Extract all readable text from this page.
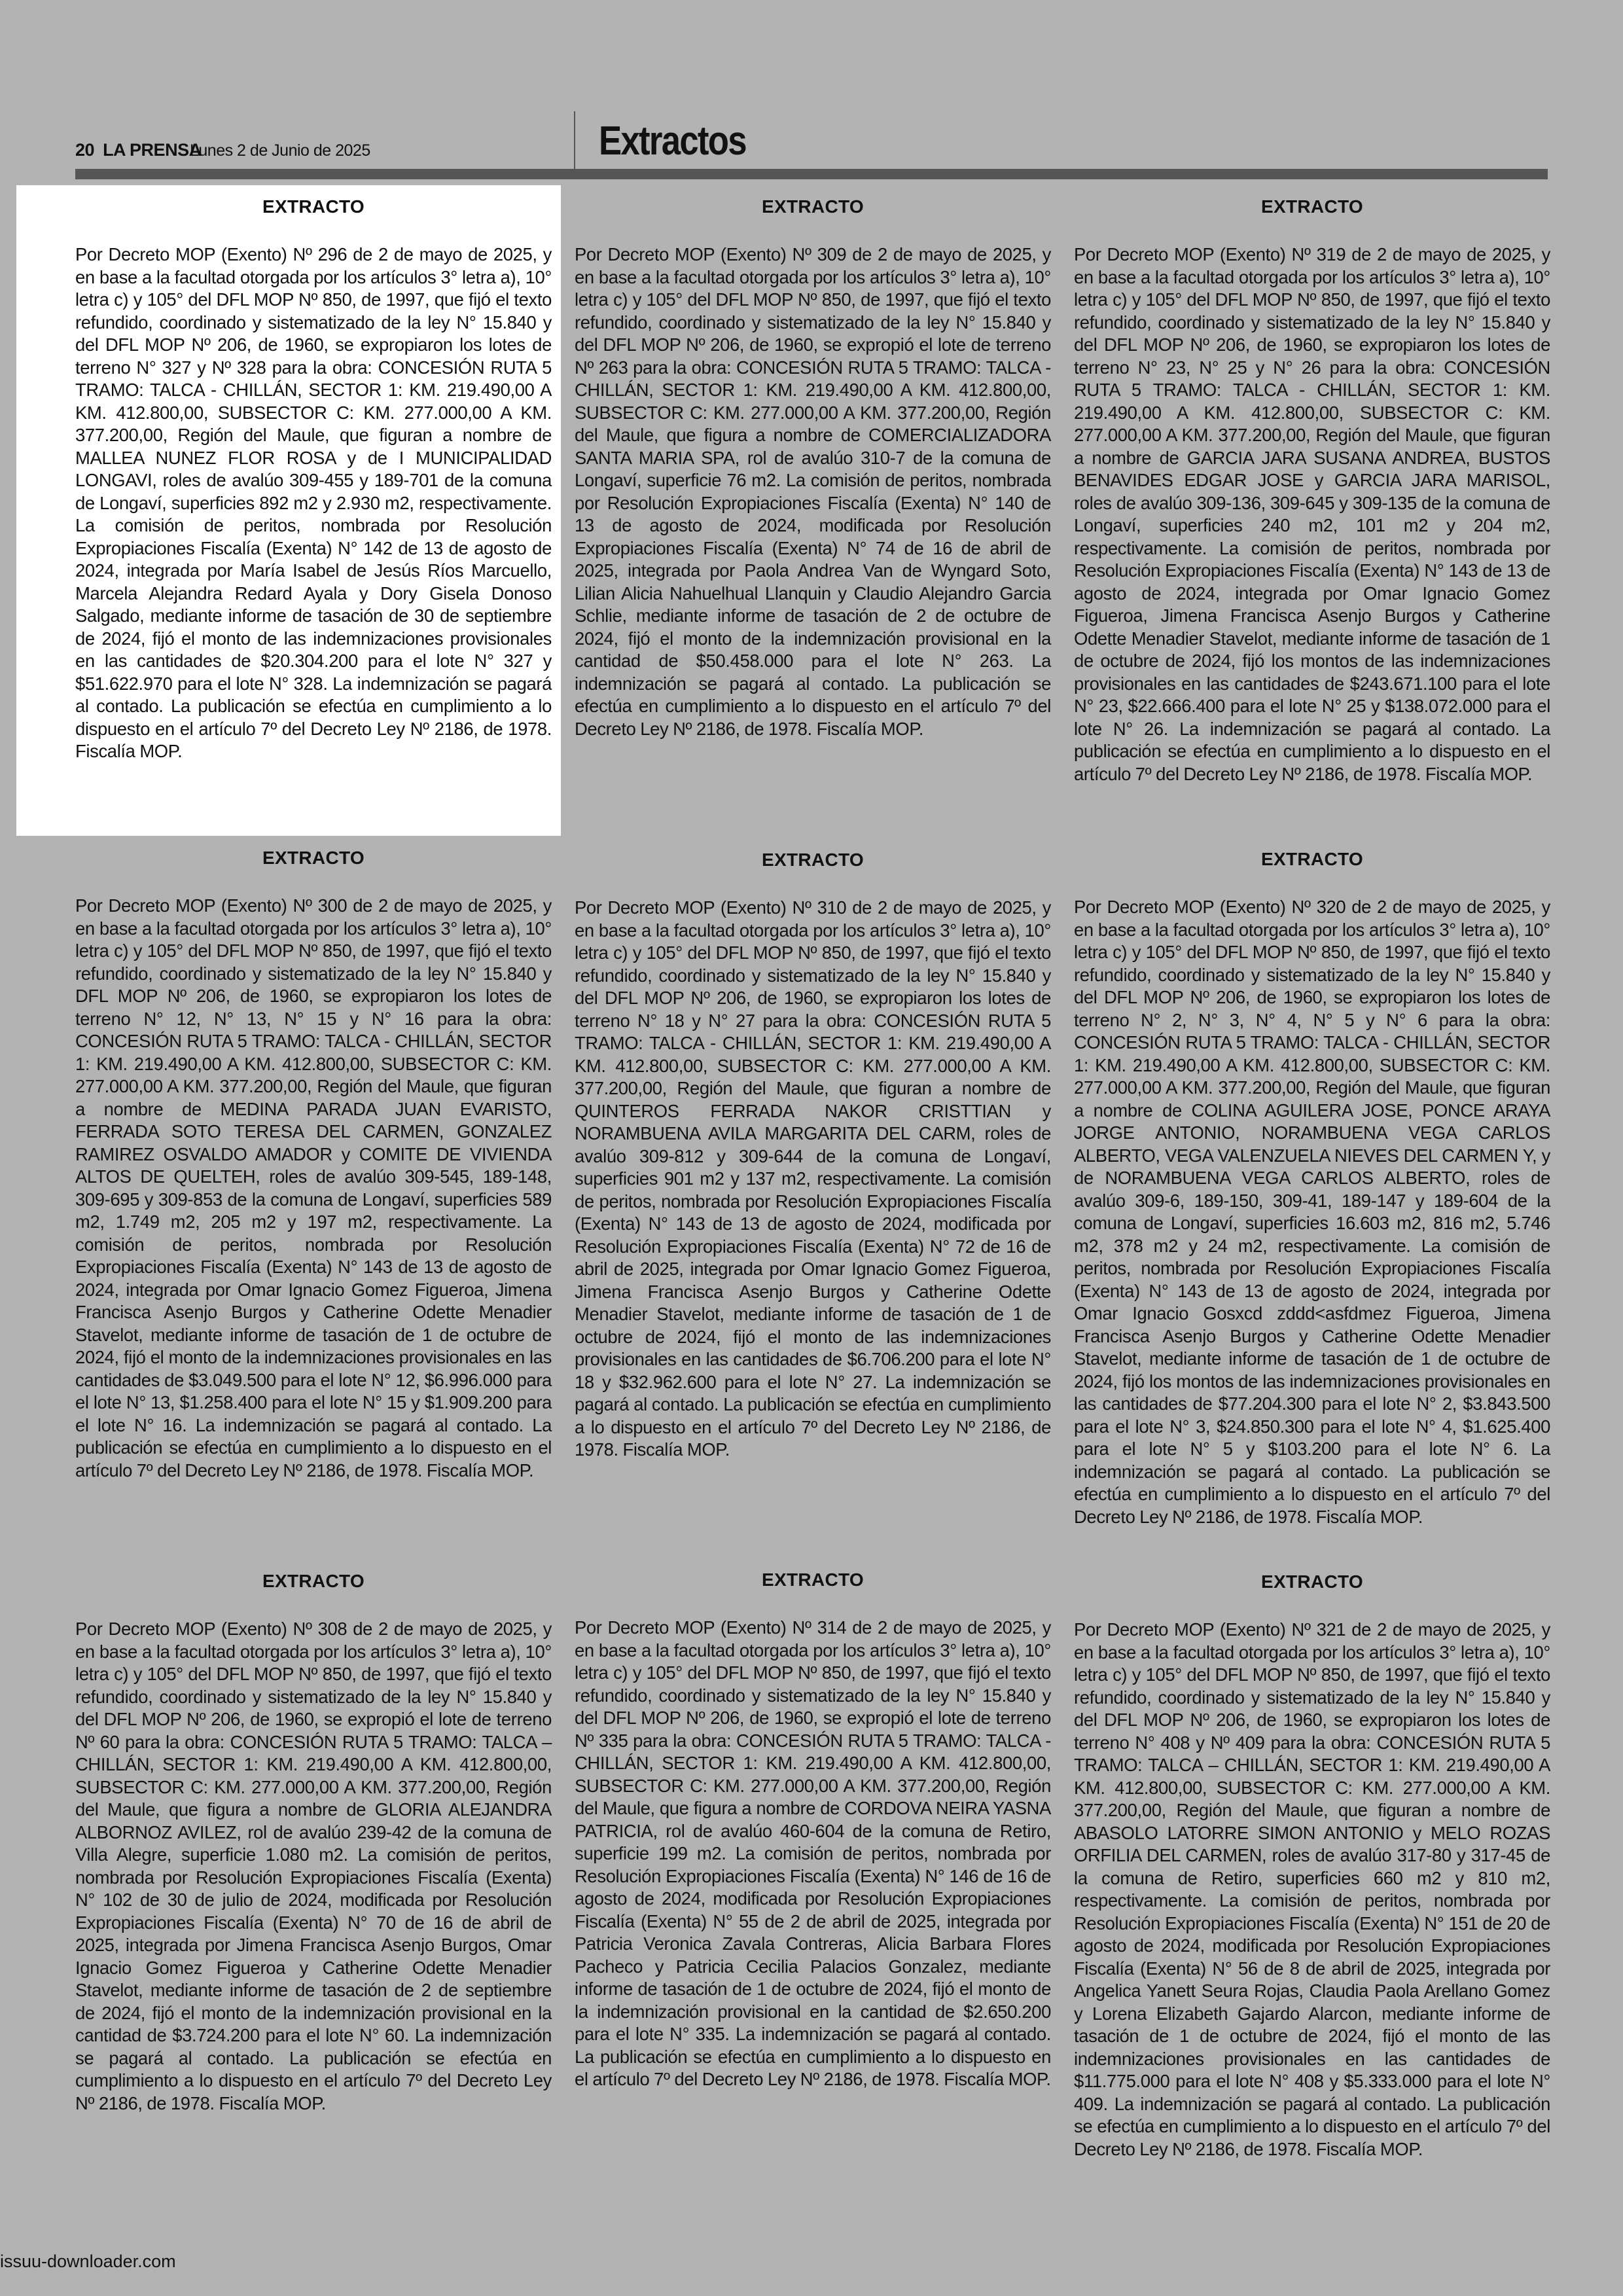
20 LA PRENSA
Lunes 2 de Junio de 2025	Extractos
EXTRACTO

Por Decreto MOP (Exento) Nº 296 de 2 de mayo de 2025, y en base a la facultad otorgada por los artículos 3° letra a), 10° letra c) y 105° del DFL MOP Nº 850, de 1997, que fijó el texto refundido, coordinado y sistematizado de la ley N° 15.840 y del DFL MOP Nº 206, de 1960, se expropiaron los lotes de terreno N° 327 y Nº 328 para la obra: CONCESIÓN RUTA 5 TRAMO: TALCA - CHILLÁN, SECTOR 1: KM. 219.490,00 A KM. 412.800,00, SUBSECTOR C: KM. 277.000,00 A KM. 377.200,00, Región del Maule, que figuran a nombre de MALLEA NUNEZ FLOR ROSA y de I MUNICIPALIDAD LONGAVI, roles de avalúo 309-455 y 189-701 de la comuna de Longaví, superficies 892 m2 y 2.930 m2, respectivamente. La comisión de peritos, nombrada por Resolución Expropiaciones Fiscalía (Exenta) N° 142 de 13 de agosto de 2024, integrada por María Isabel de Jesús Ríos Marcuello, Marcela Alejandra Redard Ayala y Dory Gisela Donoso Salgado, mediante informe de tasación de 30 de septiembre de 2024, fijó el monto de las indemnizaciones provisionales en las cantidades de $20.304.200 para el lote N° 327 y $51.622.970 para el lote N° 328. La indemnización se pagará al contado. La publicación se efectúa en cumplimiento a lo dispuesto en el artículo 7º del Decreto Ley Nº 2186, de 1978. Fiscalía MOP.

EXTRACTO

Por Decreto MOP (Exento) Nº 309 de 2 de mayo de 2025, y en base a la facultad otorgada por los artículos 3° letra a), 10° letra c) y 105° del DFL MOP Nº 850, de 1997, que fijó el texto refundido, coordinado y sistematizado de la ley N° 15.840 y del DFL MOP Nº 206, de 1960, se expropió el lote de terreno Nº 263 para la obra: CONCESIÓN RUTA 5 TRAMO: TALCA - CHILLÁN, SECTOR 1: KM. 219.490,00 A KM. 412.800,00, SUBSECTOR C: KM. 277.000,00 A KM. 377.200,00, Región del Maule, que figura a nombre de COMERCIALIZADORA SANTA MARIA SPA, rol de avalúo 310-7 de la comuna de Longaví, superficie 76 m2. La comisión de peritos, nombrada por Resolución Expropiaciones Fiscalía (Exenta) N° 140 de 13 de agosto de 2024, modificada por Resolución Expropiaciones Fiscalía (Exenta) N° 74 de 16 de abril de 2025, integrada por Paola Andrea Van de Wyngard Soto, Lilian Alicia Nahuelhual Llanquin y Claudio Alejandro Garcia Schlie, mediante informe de tasación de 2 de octubre de 2024, fijó el monto de la indemnización provisional en la cantidad de $50.458.000 para el lote N° 263. La indemnización se pagará al contado. La publicación se efectúa en cumplimiento a lo dispuesto en el artículo 7º del Decreto Ley Nº 2186, de 1978. Fiscalía MOP.

EXTRACTO

Por Decreto MOP (Exento) Nº 319 de 2 de mayo de 2025, y en base a la facultad otorgada por los artículos 3° letra a), 10° letra c) y 105° del DFL MOP Nº 850, de 1997, que fijó el texto refundido, coordinado y sistematizado de la ley N° 15.840 y del DFL MOP Nº 206, de 1960, se expropiaron los lotes de terreno N° 23, N° 25 y N° 26 para la obra: CONCESIÓN RUTA 5 TRAMO: TALCA - CHILLÁN, SECTOR 1: KM. 219.490,00 A KM. 412.800,00, SUBSECTOR C: KM. 277.000,00 A KM. 377.200,00, Región del Maule, que figuran a nombre de GARCIA JARA SUSANA ANDREA, BUSTOS BENAVIDES EDGAR JOSE y GARCIA JARA MARISOL, roles de avalúo 309-136, 309-645 y 309-135 de la comuna de Longaví, superficies 240 m2, 101 m2 y 204 m2, respectivamente. La comisión de peritos, nombrada por Resolución Expropiaciones Fiscalía (Exenta) N° 143 de 13 de agosto de 2024, integrada por Omar Ignacio Gomez Figueroa, Jimena Francisca Asenjo Burgos y Catherine Odette Menadier Stavelot, mediante informe de tasación de 1 de octubre de 2024, fijó los montos de las indemnizaciones provisionales en las cantidades de $243.671.100 para el lote N° 23, $22.666.400 para el lote N° 25 y $138.072.000 para el lote N° 26. La indemnización se pagará al contado. La publicación se efectúa en cumplimiento a lo dispuesto en el artículo 7º del Decreto Ley Nº 2186, de 1978. Fiscalía MOP.

EXTRACTO

Por Decreto MOP (Exento) Nº 300 de 2 de mayo de 2025, y en base a la facultad otorgada por los artículos 3° letra a), 10° letra c) y 105° del DFL MOP Nº 850, de 1997, que fijó el texto refundido, coordinado y sistematizado de la ley N° 15.840 y DFL MOP Nº 206, de 1960, se expropiaron los lotes de terreno N° 12, N° 13, N° 15 y N° 16 para la obra: CONCESIÓN RUTA 5 TRAMO: TALCA - CHILLÁN, SECTOR 1: KM. 219.490,00 A KM. 412.800,00, SUBSECTOR C: KM. 277.000,00 A KM. 377.200,00, Región del Maule, que figuran a nombre de MEDINA PARADA JUAN EVARISTO, FERRADA SOTO TERESA DEL CARMEN, GONZALEZ RAMIREZ OSVALDO AMADOR y COMITE DE VIVIENDA ALTOS DE QUELTEH, roles de avalúo 309-545, 189-148, 309-695 y 309-853 de la comuna de Longaví, superficies 589 m2, 1.749 m2, 205 m2 y 197 m2, respectivamente. La comisión de peritos, nombrada por Resolución Expropiaciones Fiscalía (Exenta) N° 143 de 13 de agosto de 2024, integrada por Omar Ignacio Gomez Figueroa, Jimena Francisca Asenjo Burgos y Catherine Odette Menadier Stavelot, mediante informe de tasación de 1 de octubre de 2024, fijó el monto de la indemnizaciones provisionales en las cantidades de $3.049.500 para el lote N° 12, $6.996.000 para el lote N° 13, $1.258.400 para el lote N° 15 y $1.909.200 para el lote N° 16. La indemnización se pagará al contado. La publicación se efectúa en cumplimiento a lo dispuesto en el artículo 7º del Decreto Ley Nº 2186, de 1978. Fiscalía MOP.

EXTRACTO

Por Decreto MOP (Exento) Nº 310 de 2 de mayo de 2025, y en base a la facultad otorgada por los artículos 3° letra a), 10° letra c) y 105° del DFL MOP Nº 850, de 1997, que fijó el texto refundido, coordinado y sistematizado de la ley N° 15.840 y del DFL MOP Nº 206, de 1960, se expropiaron los lotes de terreno N° 18 y N° 27 para la obra: CONCESIÓN RUTA 5 TRAMO: TALCA - CHILLÁN, SECTOR 1: KM. 219.490,00 A KM. 412.800,00, SUBSECTOR C: KM. 277.000,00 A KM. 377.200,00, Región del Maule, que figuran a nombre de QUINTEROS FERRADA NAKOR CRISTTIAN y NORAMBUENA AVILA MARGARITA DEL CARM, roles de avalúo 309-812 y 309-644 de la comuna de Longaví, superficies 901 m2 y 137 m2, respectivamente. La comisión de peritos, nombrada por Resolución Expropiaciones Fiscalía (Exenta) N° 143 de 13 de agosto de 2024, modificada por Resolución Expropiaciones Fiscalía (Exenta) N° 72 de 16 de abril de 2025, integrada por Omar Ignacio Gomez Figueroa, Jimena Francisca Asenjo Burgos y Catherine Odette Menadier Stavelot, mediante informe de tasación de 1 de octubre de 2024, fijó el monto de las indemnizaciones provisionales en las cantidades de $6.706.200 para el lote N° 18 y $32.962.600 para el lote N° 27. La indemnización se pagará al contado. La publicación se efectúa en cumplimiento a lo dispuesto en el artículo 7º del Decreto Ley Nº 2186, de 1978. Fiscalía MOP.

EXTRACTO

Por Decreto MOP (Exento) Nº 320 de 2 de mayo de 2025, y en base a la facultad otorgada por los artículos 3° letra a), 10° letra c) y 105° del DFL MOP Nº 850, de 1997, que fijó el texto refundido, coordinado y sistematizado de la ley N° 15.840 y del DFL MOP Nº 206, de 1960, se expropiaron los lotes de terreno N° 2, N° 3, N° 4, N° 5 y N° 6 para la obra: CONCESIÓN RUTA 5 TRAMO: TALCA - CHILLÁN, SECTOR 1: KM. 219.490,00 A KM. 412.800,00, SUBSECTOR C: KM. 277.000,00 A KM. 377.200,00, Región del Maule, que figuran a nombre de COLINA AGUILERA JOSE, PONCE ARAYA JORGE ANTONIO, NORAMBUENA VEGA CARLOS ALBERTO, VEGA VALENZUELA NIEVES DEL CARMEN Y, y de NORAMBUENA VEGA CARLOS ALBERTO, roles de avalúo 309-6, 189-150, 309-41, 189-147 y 189-604 de la comuna de Longaví, superficies 16.603 m2, 816 m2, 5.746 m2, 378 m2 y 24 m2, respectivamente. La comisión de peritos, nombrada por Resolución Expropiaciones Fiscalía (Exenta) N° 143 de 13 de agosto de 2024, integrada por Omar Ignacio Gosxcd zddd<asfdmez Figueroa, Jimena Francisca Asenjo Burgos y Catherine Odette Menadier Stavelot, mediante informe de tasación de 1 de octubre de 2024, fijó los montos de las indemnizaciones provisionales en las cantidades de $77.204.300 para el lote N° 2, $3.843.500 para el lote N° 3, $24.850.300 para el lote N° 4, $1.625.400 para el lote N° 5 y $103.200 para el lote N° 6. La indemnización se pagará al contado. La publicación se efectúa en cumplimiento a lo dispuesto en el artículo 7º del Decreto Ley Nº 2186, de 1978. Fiscalía MOP.

EXTRACTO

Por Decreto MOP (Exento) Nº 308 de 2 de mayo de 2025, y en base a la facultad otorgada por los artículos 3° letra a), 10° letra c) y 105° del DFL MOP Nº 850, de 1997, que fijó el texto refundido, coordinado y sistematizado de la ley N° 15.840 y del DFL MOP Nº 206, de 1960, se expropió el lote de terreno Nº 60 para la obra: CONCESIÓN RUTA 5 TRAMO: TALCA – CHILLÁN, SECTOR 1: KM. 219.490,00 A KM. 412.800,00, SUBSECTOR C: KM. 277.000,00 A KM. 377.200,00, Región del Maule, que figura a nombre de GLORIA ALEJANDRA ALBORNOZ AVILEZ, rol de avalúo 239-42 de la comuna de Villa Alegre, superficie 1.080 m2. La comisión de peritos, nombrada por Resolución Expropiaciones Fiscalía (Exenta) N° 102 de 30 de julio de 2024, modificada por Resolución Expropiaciones Fiscalía (Exenta) N° 70 de 16 de abril de 2025, integrada por Jimena Francisca Asenjo Burgos, Omar Ignacio Gomez Figueroa y Catherine Odette Menadier Stavelot, mediante informe de tasación de 2 de septiembre de 2024, fijó el monto de la indemnización provisional en la cantidad de $3.724.200 para el lote N° 60. La indemnización se pagará al contado. La publicación se efectúa en cumplimiento a lo dispuesto en el artículo 7º del Decreto Ley Nº 2186, de 1978. Fiscalía MOP.

EXTRACTO

Por Decreto MOP (Exento) Nº 314 de 2 de mayo de 2025, y en base a la facultad otorgada por los artículos 3° letra a), 10° letra c) y 105° del DFL MOP Nº 850, de 1997, que fijó el texto refundido, coordinado y sistematizado de la ley N° 15.840 y del DFL MOP Nº 206, de 1960, se expropió el lote de terreno Nº 335 para la obra: CONCESIÓN RUTA 5 TRAMO: TALCA - CHILLÁN, SECTOR 1: KM. 219.490,00 A KM. 412.800,00, SUBSECTOR C: KM. 277.000,00 A KM. 377.200,00, Región del Maule, que figura a nombre de CORDOVA NEIRA YASNA PATRICIA, rol de avalúo 460-604 de la comuna de Retiro, superficie 199 m2. La comisión de peritos, nombrada por Resolución Expropiaciones Fiscalía (Exenta) N° 146 de 16 de agosto de 2024, modificada por Resolución Expropiaciones Fiscalía (Exenta) N° 55 de 2 de abril de 2025, integrada por Patricia Veronica Zavala Contreras, Alicia Barbara Flores Pacheco y Patricia Cecilia Palacios Gonzalez, mediante informe de tasación de 1 de octubre de 2024, fijó el monto de la indemnización provisional en la cantidad de $2.650.200 para el lote N° 335. La indemnización se pagará al contado. La publicación se efectúa en cumplimiento a lo dispuesto en el artículo 7º del Decreto Ley Nº 2186, de 1978. Fiscalía MOP.

EXTRACTO

Por Decreto MOP (Exento) Nº 321 de 2 de mayo de 2025, y en base a la facultad otorgada por los artículos 3° letra a), 10° letra c) y 105° del DFL MOP Nº 850, de 1997, que fijó el texto refundido, coordinado y sistematizado de la ley N° 15.840 y del DFL MOP Nº 206, de 1960, se expropiaron los lotes de terreno N° 408 y Nº 409 para la obra: CONCESIÓN RUTA 5 TRAMO: TALCA – CHILLÁN, SECTOR 1: KM. 219.490,00 A KM. 412.800,00, SUBSECTOR C: KM. 277.000,00 A KM. 377.200,00, Región del Maule, que figuran a nombre de ABASOLO LATORRE SIMON ANTONIO y MELO ROZAS ORFILIA DEL CARMEN, roles de avalúo 317-80 y 317-45 de la comuna de Retiro, superficies 660 m2 y 810 m2, respectivamente. La comisión de peritos, nombrada por Resolución Expropiaciones Fiscalía (Exenta) N° 151 de 20 de agosto de 2024, modificada por Resolución Expropiaciones Fiscalía (Exenta) N° 56 de 8 de abril de 2025, integrada por Angelica Yanett Seura Rojas, Claudia Paola Arellano Gomez y Lorena Elizabeth Gajardo Alarcon, mediante informe de tasación de 1 de octubre de 2024, fijó el monto de las indemnizaciones provisionales en las cantidades de $11.775.000 para el lote N° 408 y $5.333.000 para el lote N° 409. La indemnización se pagará al contado. La publicación se efectúa en cumplimiento a lo dispuesto en el artículo 7º del Decreto Ley Nº 2186, de 1978. Fiscalía MOP.

issuu-downloader.com
